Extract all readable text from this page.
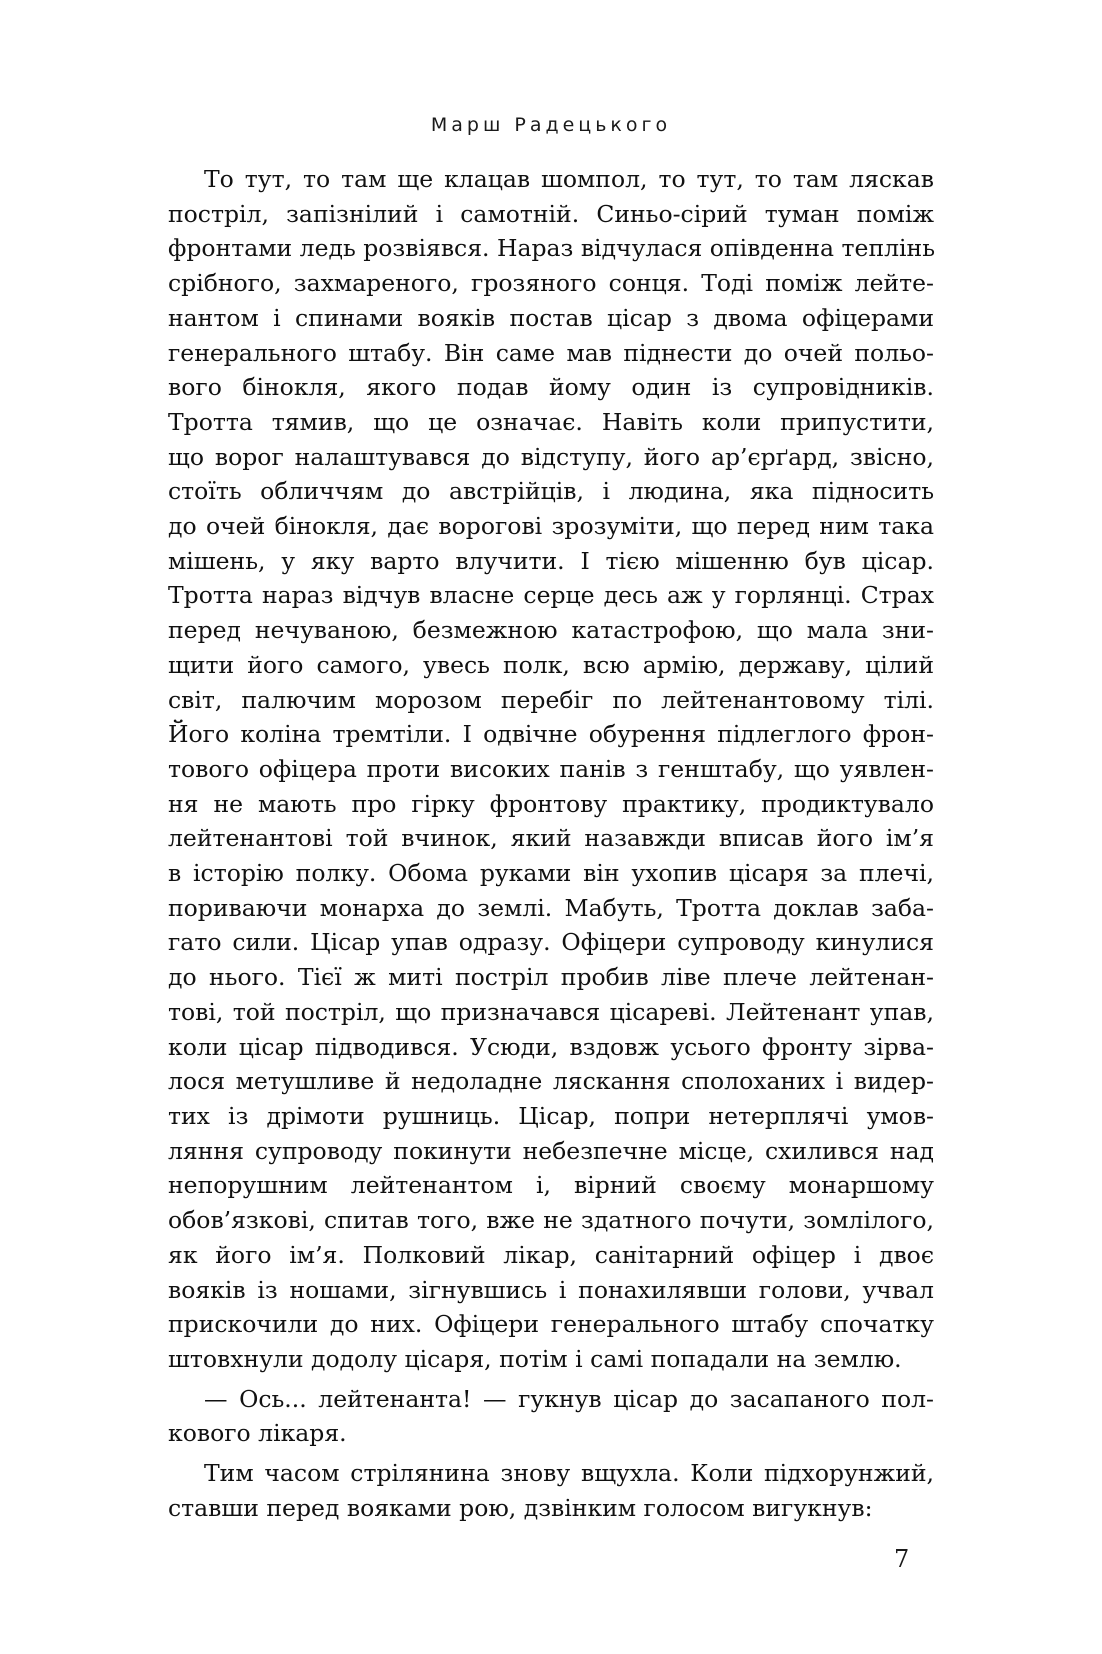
Марш Радецького
То тут, то там ще клацав шомпол, то тут, то там ляскав
постріл, запізнілий і самотній. Синьо-сірий туман поміж
фронтами ледь розвіявся. Нараз відчулася опівденна теплінь
срібного, захмареного, грозяного сонця. Тоді поміж лейте-
нантом і спинами вояків постав цісар з двома офіцерами
генерального штабу. Він саме мав піднести до очей польо-
вого бінокля, якого подав йому один із супровідників.
Тротта тямив, що це означає. Навіть коли припустити,
що ворог налаштувався до відступу, його ар’єрґард, звісно,
стоїть обличчям до австрійців, і людина, яка підносить
до очей бінокля, дає ворогові зрозуміти, що перед ним така
мішень, у яку варто влучити. І тією мішенню був цісар.
Тротта нараз відчув власне серце десь аж у горлянці. Страх
перед нечуваною, безмежною катастрофою, що мала зни-
щити його самого, увесь полк, всю армію, державу, цілий
світ, палючим морозом перебіг по лейтенантовому тілі.
Його коліна тремтіли. І одвічне обурення підлеглого фрон-
тового офіцера проти високих панів з генштабу, що уявлен-
ня не мають про гірку фронтову практику, продиктувало
лейтенантові той вчинок, який назавжди вписав його ім’я
в історію полку. Обома руками він ухопив цісаря за плечі,
пориваючи монарха до землі. Мабуть, Тротта доклав заба-
гато сили. Цісар упав одразу. Офіцери супроводу кинулися
до нього. Тієї ж миті постріл пробив ліве плече лейтенан-
тові, той постріл, що призначався цісареві. Лейтенант упав,
коли цісар підводився. Усюди, вздовж усього фронту зірва-
лося метушливе й недоладне ляскання сполоханих і видер-
тих із дрімоти рушниць. Цісар, попри нетерплячі умов-
ляння супроводу покинути небезпечне місце, схилився над
непорушним лейтенантом і, вірний своєму монаршому
обов’язкові, спитав того, вже не здатного почути, зомлілого,
як його ім’я. Полковий лікар, санітарний офіцер і двоє
вояків із ношами, зігнувшись і понахилявши голови, учвал
прискочили до них. Офіцери генерального штабу спочатку
штовхнули додолу цісаря, потім і самі попадали на землю.
— Ось... лейтенанта! — гукнув цісар до засапаного пол-
кового лікаря.
Тим часом стрілянина знову вщухла. Коли підхорунжий,
ставши перед вояками рою, дзвінким голосом вигукнув:
7
